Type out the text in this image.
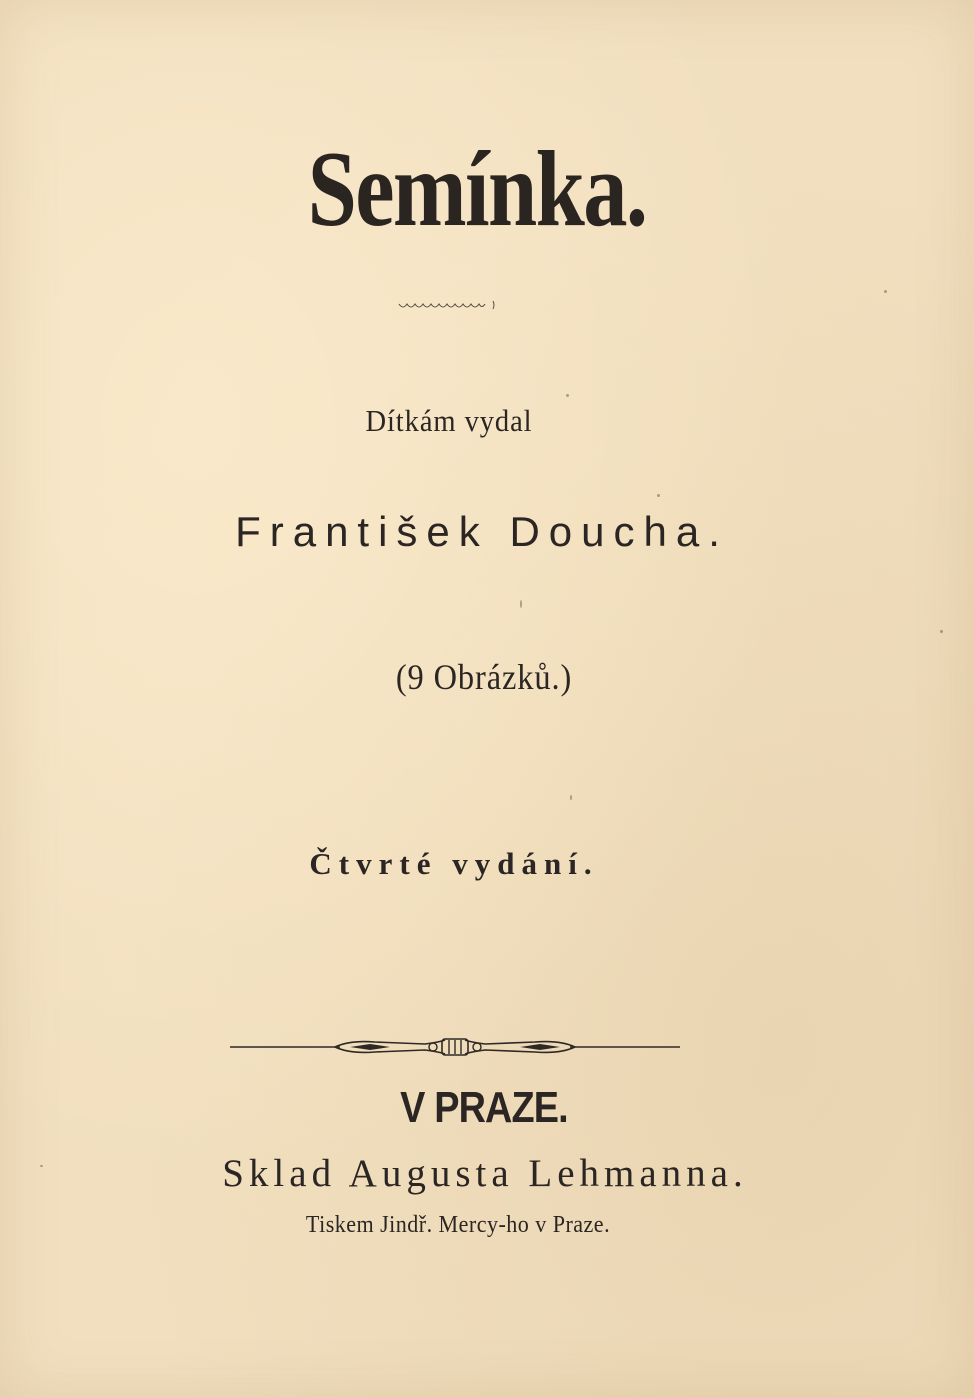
Semínka.
Dítkám vydal
František Doucha.
(9 Obrázků.)
Čtvrté vydání.
V PRAZE.
Sklad Augusta Lehmanna.
Tiskem Jindř. Mercy-ho v Praze.
